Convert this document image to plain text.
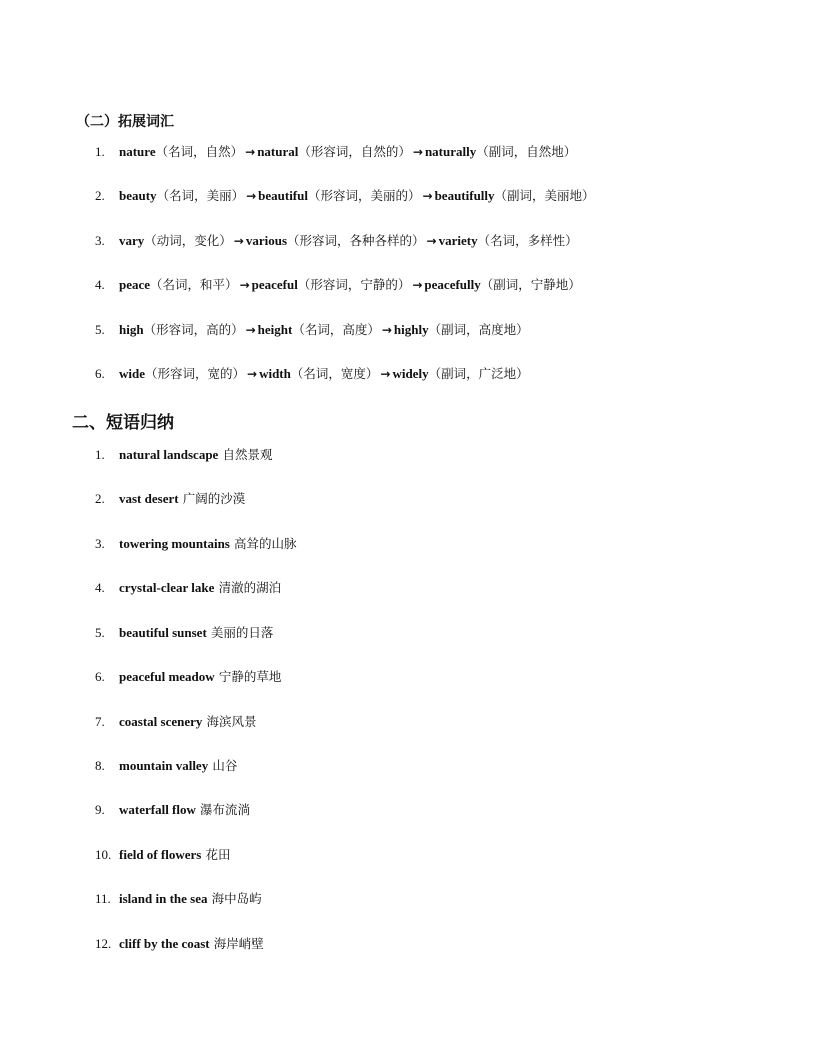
（二）拓展词汇
1.	nature（名词，自然） → natural（形容词，自然的） → naturally（副词，自然地）
2.	beauty（名词，美丽） → beautiful（形容词，美丽的） → beautifully（副词，美丽地）
3.	vary（动词，变化） → various（形容词，各种各样的） → variety（名词，多样性）
4.	peace（名词，和平） → peaceful（形容词，宁静的） → peacefully（副词，宁静地）
5.	high（形容词，高的） → height（名词，高度） → highly（副词，高度地）
6.	wide（形容词，宽的） → width（名词，宽度） → widely（副词，广泛地）
二、短语归纳
1.	natural landscape 自然景观
2.	vast desert 广阔的沙漠
3.	towering mountains 高耸的山脉
4.	crystal-clear lake 清澈的湖泊
5.	beautiful sunset 美丽的日落
6.	peaceful meadow 宁静的草地
7.	coastal scenery 海滨风景
8.	mountain valley 山谷
9.	waterfall flow 瀑布流淌
10. field of flowers 花田
11. island in the sea 海中岛屿
12. cliff by the coast 海岸峭壁
